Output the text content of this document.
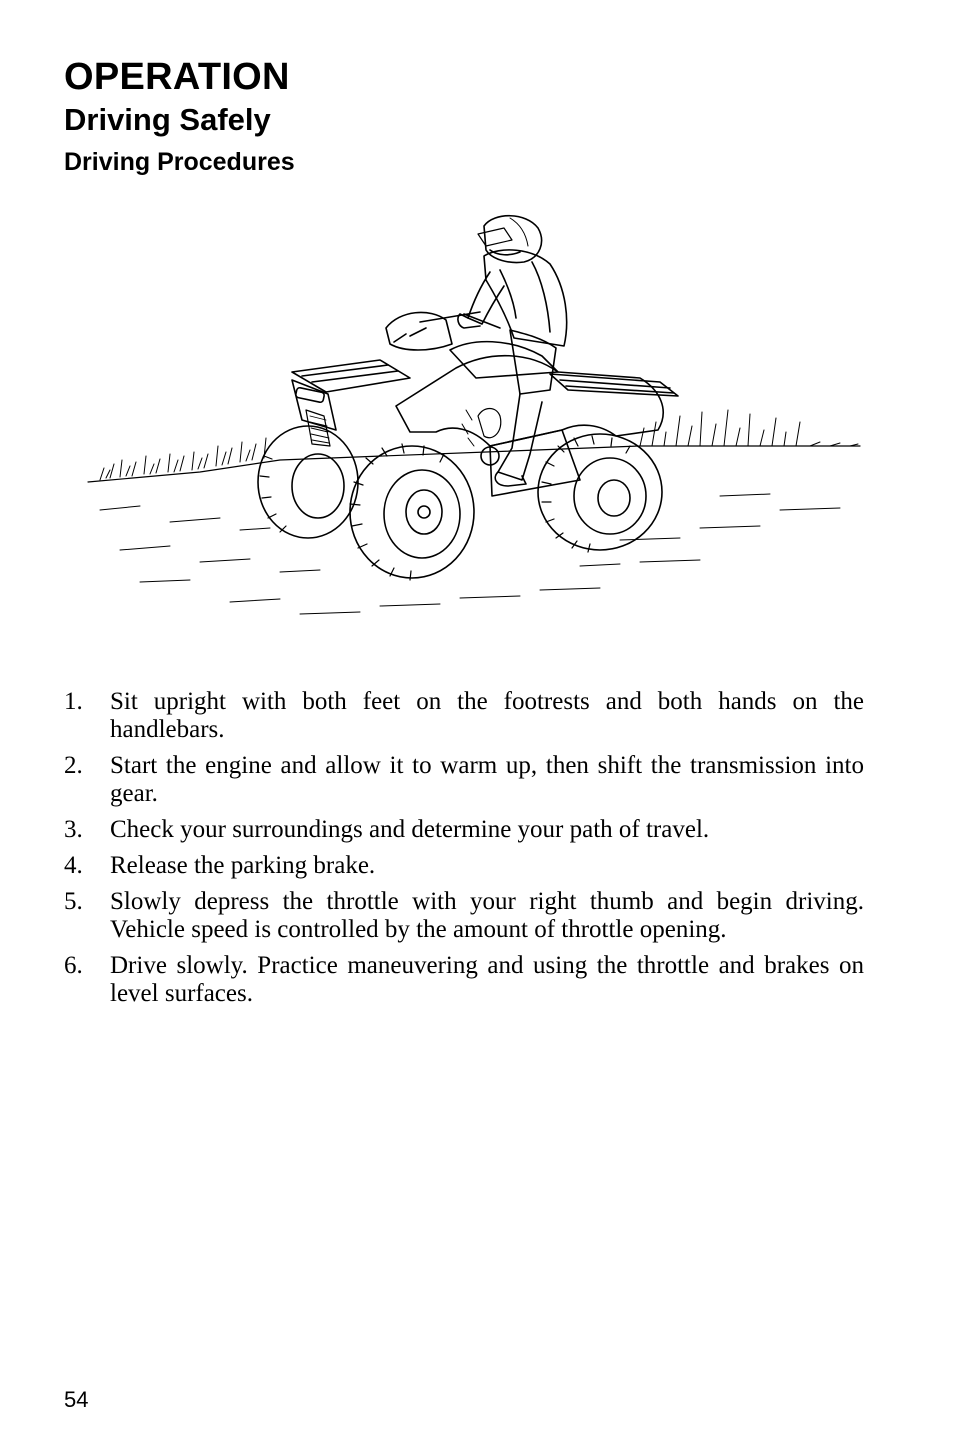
OPERATION
Driving Safely
Driving Procedures
1. Sit upright with both feet on the footrests and both hands on the handlebars.
2. Start the engine and allow it to warm up, then shift the transmission into gear.
3. Check your surroundings and determine your path of travel.
4. Release the parking brake.
5. Slowly depress the throttle with your right thumb and begin driving. Vehicle speed is controlled by the amount of throttle opening.
6. Drive slowly. Practice maneuvering and using the throttle and brakes on level surfaces.
54
